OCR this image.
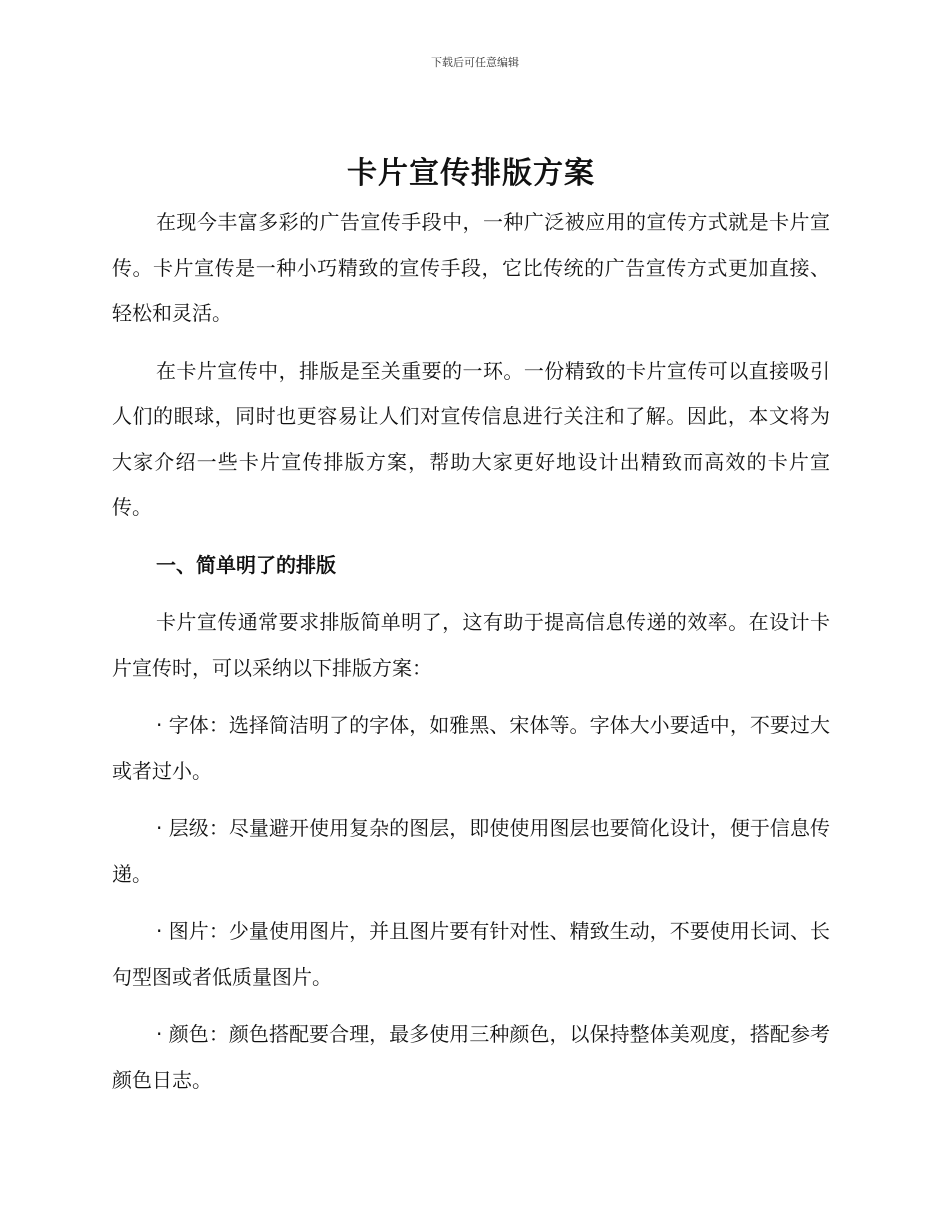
下载后可任意编辑
卡片宣传排版方案

在现今丰富多彩的广告宣传手段中，一种广泛被应用的宣传方式就是卡片宣传。卡片宣传是一种小巧精致的宣传手段，它比传统的广告宣传方式更加直接、轻松和灵活。

在卡片宣传中，排版是至关重要的一环。一份精致的卡片宣传可以直接吸引人们的眼球，同时也更容易让人们对宣传信息进行关注和了解。因此，本文将为大家介绍一些卡片宣传排版方案，帮助大家更好地设计出精致而高效的卡片宣传。

一、简单明了的排版

卡片宣传通常要求排版简单明了，这有助于提高信息传递的效率。在设计卡片宣传时，可以采纳以下排版方案：

· 字体：选择简洁明了的字体，如雅黑、宋体等。字体大小要适中，不要过大或者过小。

· 层级：尽量避开使用复杂的图层，即使使用图层也要简化设计，便于信息传递。

· 图片：少量使用图片，并且图片要有针对性、精致生动，不要使用长词、长句型图或者低质量图片。

· 颜色：颜色搭配要合理，最多使用三种颜色，以保持整体美观度，搭配参考颜色日志。
